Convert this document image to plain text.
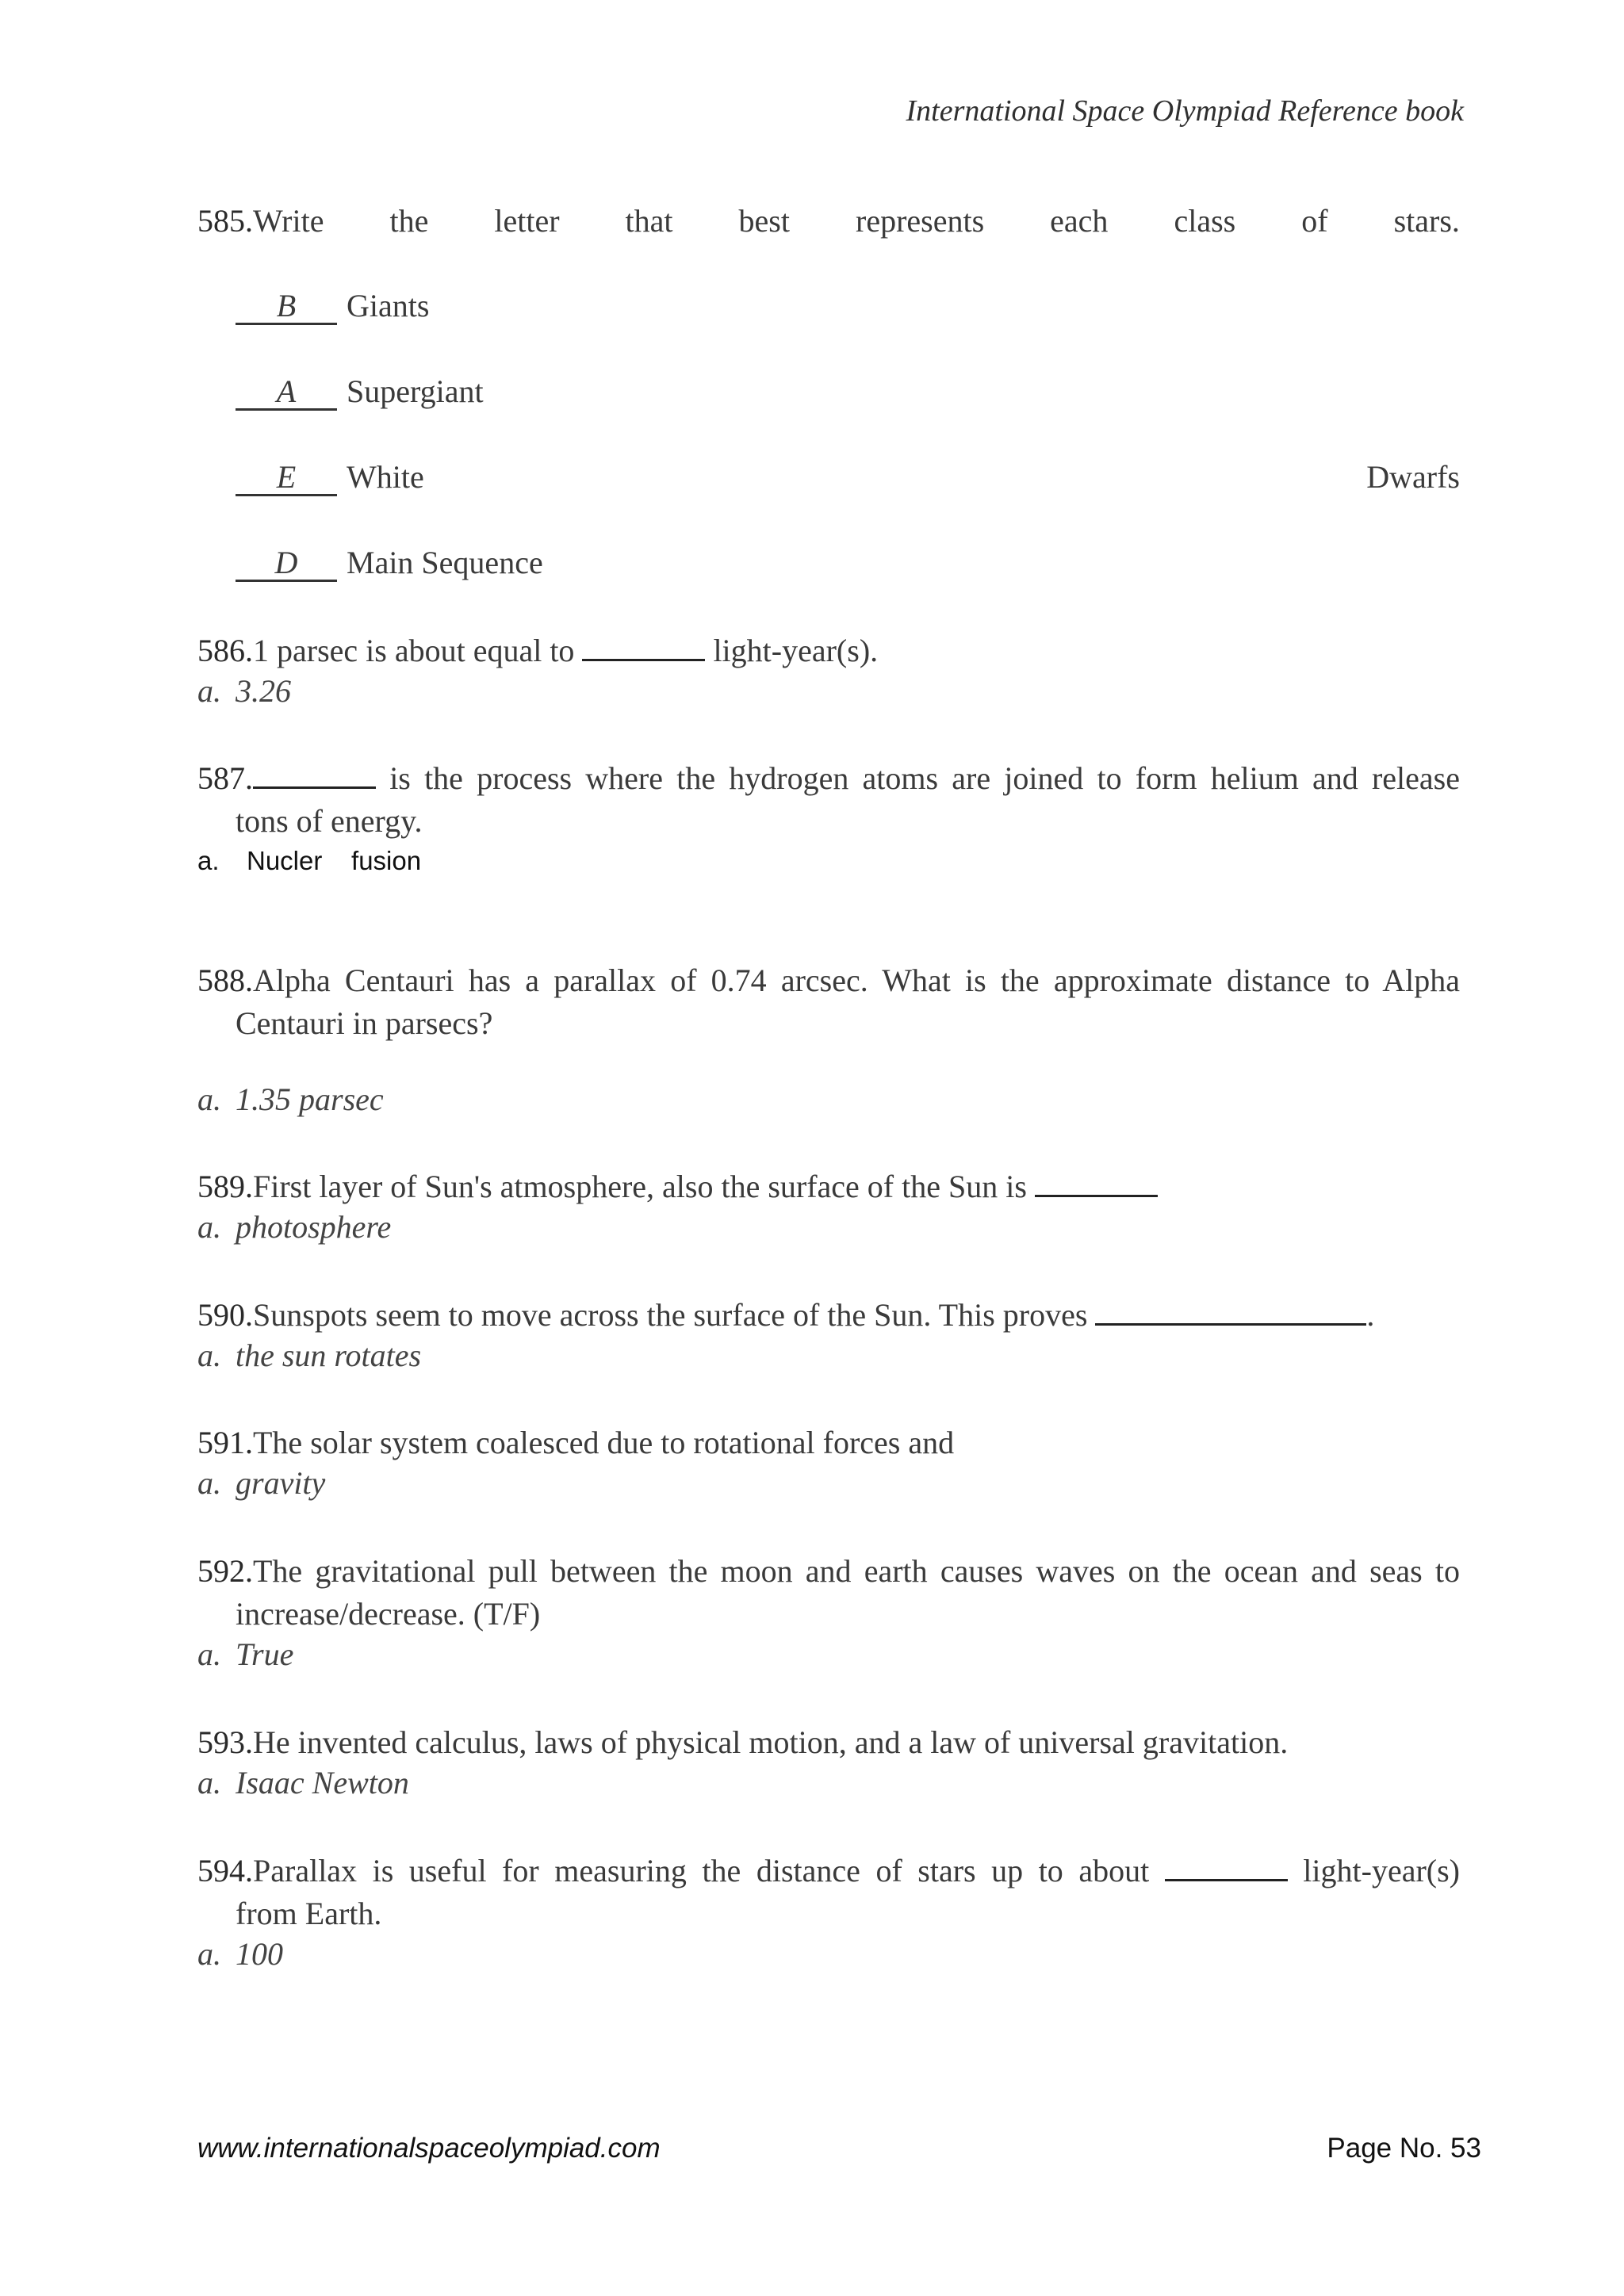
International Space Olympiad Reference book
585.Write the letter that best represents each class of stars.
B	Giants
A	Supergiant
E	White	Dwarfs
D	Main Sequence
586.1 parsec is about equal to	light-year(s).
a. 3.26
587.	is the process where the hydrogen atoms are joined to form helium and release
tons of energy.
a. Nucler    fusion
588.Alpha Centauri has a parallax of 0.74 arcsec. What is the approximate distance to Alpha
Centauri in parsecs?
a. 1.35 parsec
589.First layer of Sun's atmosphere, also the surface of the Sun is
a. photosphere
590.Sunspots seem to move across the surface of the Sun. This proves	.
a. the sun rotates
591.The solar system coalesced due to rotational forces and
a. gravity
592.The gravitational pull between the moon and earth causes waves on the ocean and seas to
increase/decrease. (T/F)
a. True
593.He invented calculus, laws of physical motion, and a law of universal gravitation.
a. Isaac Newton
594.Parallax is useful for measuring the distance of stars up to about	light-year(s)
from Earth.
a. 100
www.internationalspaceolympiad.com	Page No. 53
